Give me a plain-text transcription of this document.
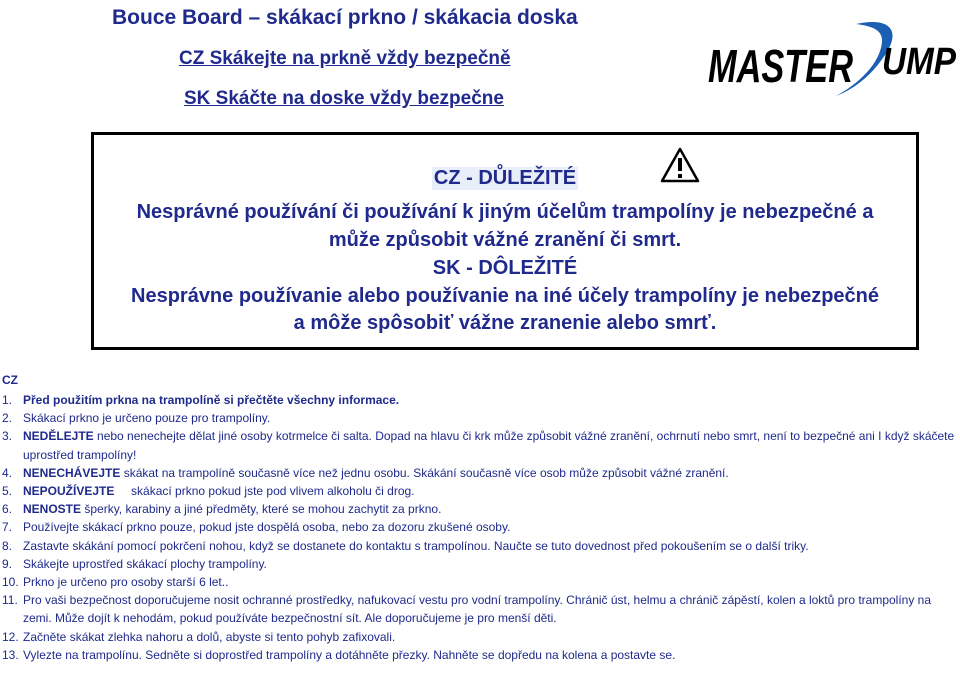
Bouce Board – skákací prkno / skákacia doska
CZ Skákejte na prkně vždy bezpečně
SK Skáčte na doske vždy bezpečne
MASTER UMP
CZ - DŮLEŽITÉ
Nesprávné používání či používání k jiným účelům trampolíny je nebezpečné a
může způsobit vážné zranění či smrt.
SK - DÔLEŽITÉ
Nesprávne používanie alebo používanie na iné účely trampolíny je nebezpečné
a môže spôsobiť vážne zranenie alebo smrť.
CZ
1. Před použitím prkna na trampolíně si přečtěte všechny informace.
2. Skákací prkno je určeno pouze pro trampolíny.
3. NEDĚLEJTE nebo nenechejte dělat jiné osoby kotrmelce či salta. Dopad na hlavu či krk může způsobit vážné zranění, ochrnutí nebo smrt, není to bezpečné ani I když skáčete uprostřed trampolíny!
4. NENECHÁVEJTE skákat na trampolíně současně více než jednu osobu. Skákání současně více osob může způsobit vážné zranění.
5. NEPOUŽÍVEJTE     skákací prkno pokud jste pod vlivem alkoholu či drog.
6. NENOSTE šperky, karabiny a jiné předměty, které se mohou zachytit za prkno.
7. Používejte skákací prkno pouze, pokud jste dospělá osoba, nebo za dozoru zkušené osoby.
8. Zastavte skákání pomocí pokrčení nohou, když se dostanete do kontaktu s trampolínou. Naučte se tuto dovednost před pokoušením se o další triky.
9. Skákejte uprostřed skákací plochy trampolíny.
10. Prkno je určeno pro osoby starší 6 let..
11. Pro vaši bezpečnost doporučujeme nosit ochranné prostředky, nafukovací vestu pro vodní trampolíny. Chránič úst, helmu a chránič zápěstí, kolen a loktů pro trampolíny na zemi. Může dojít k nehodám, pokud používáte bezpečnostní sít. Ale doporučujeme je pro menší děti.
12. Začněte skákat zlehka nahoru a dolů, abyste si tento pohyb zafixovali.
13. Vylezte na trampolínu. Sedněte si doprostřed trampolíny a dotáhněte přezky. Nahněte se dopředu na kolena a postavte se.
